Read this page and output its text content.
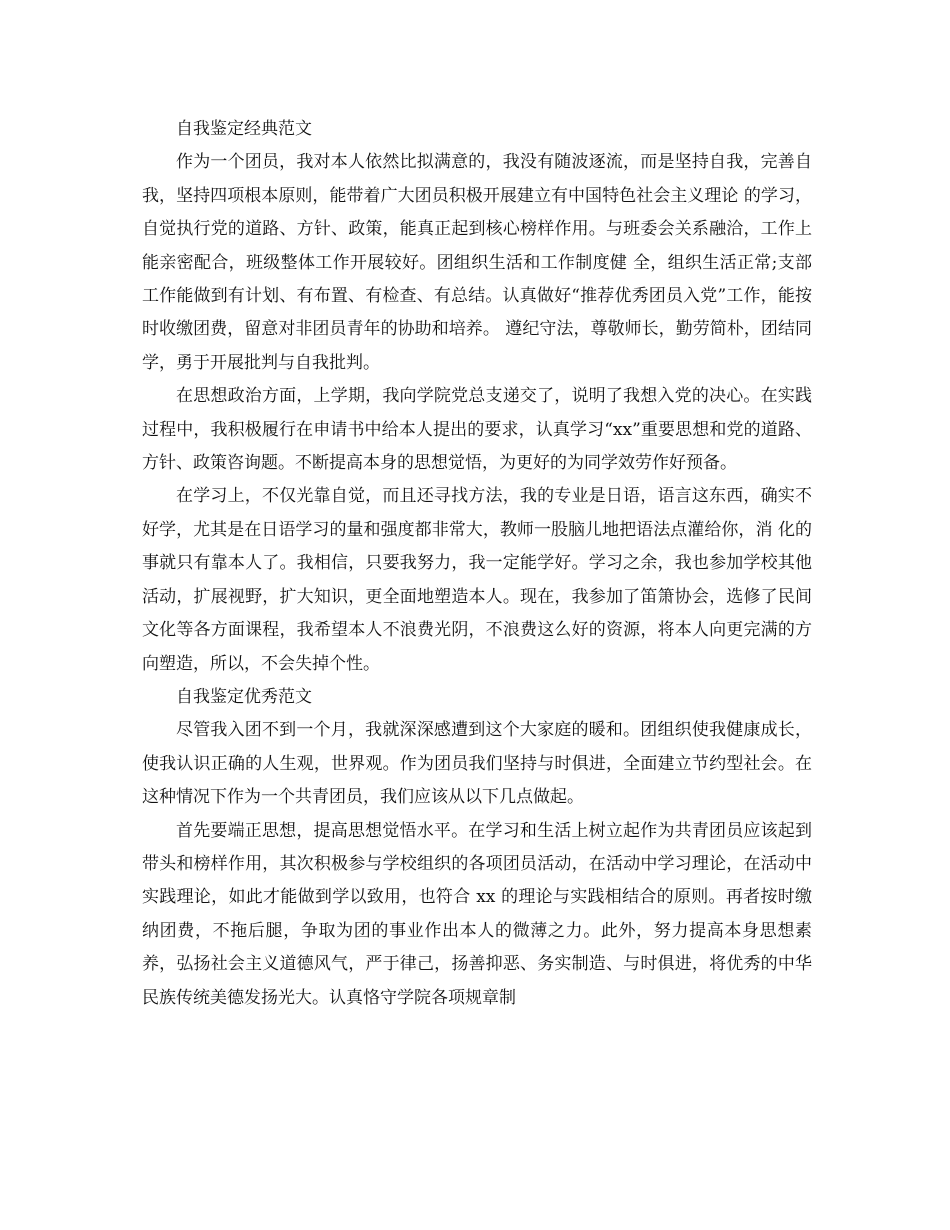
自我鉴定经典范文

作为一个团员，我对本人依然比拟满意的，我没有随波逐流，而是坚持自我，完善自我，坚持四项根本原则，能带着广大团员积极开展建立有中国特色社会主义理论 的学习，自觉执行党的道路、方针、政策，能真正起到核心榜样作用。与班委会关系融洽，工作上能亲密配合，班级整体工作开展较好。团组织生活和工作制度健 全，组织生活正常;支部工作能做到有计划、有布置、有检查、有总结。认真做好“推荐优秀团员入党”工作，能按时收缴团费，留意对非团员青年的协助和培养。 遵纪守法，尊敬师长，勤劳简朴，团结同学，勇于开展批判与自我批判。

在思想政治方面，上学期，我向学院党总支递交了，说明了我想入党的决心。在实践过程中，我积极履行在申请书中给本人提出的要求，认真学习“xx”重要思想和党的道路、方针、政策咨询题。不断提高本身的思想觉悟，为更好的为同学效劳作好预备。

在学习上，不仅光靠自觉，而且还寻找方法，我的专业是日语，语言这东西，确实不好学，尤其是在日语学习的量和强度都非常大，教师一股脑儿地把语法点灌给你，消 化的事就只有靠本人了。我相信，只要我努力，我一定能学好。学习之余，我也参加学校其他活动，扩展视野，扩大知识，更全面地塑造本人。现在，我参加了笛箫协会，选修了民间文化等各方面课程，我希望本人不浪费光阴，不浪费这么好的资源，将本人向更完满的方向塑造，所以，不会失掉个性。

自我鉴定优秀范文

尽管我入团不到一个月，我就深深感遭到这个大家庭的暖和。团组织使我健康成长，使我认识正确的人生观，世界观。作为团员我们坚持与时俱进，全面建立节约型社会。在这种情况下作为一个共青团员，我们应该从以下几点做起。

首先要端正思想，提高思想觉悟水平。在学习和生活上树立起作为共青团员应该起到带头和榜样作用，其次积极参与学校组织的各项团员活动，在活动中学习理论，在活动中实践理论，如此才能做到学以致用，也符合 xx 的理论与实践相结合的原则。再者按时缴纳团费，不拖后腿，争取为团的事业作出本人的微薄之力。此外，努力提高本身思想素养，弘扬社会主义道德风气，严于律己，扬善抑恶、务实制造、与时俱进，将优秀的中华民族传统美德发扬光大。认真恪守学院各项规章制
